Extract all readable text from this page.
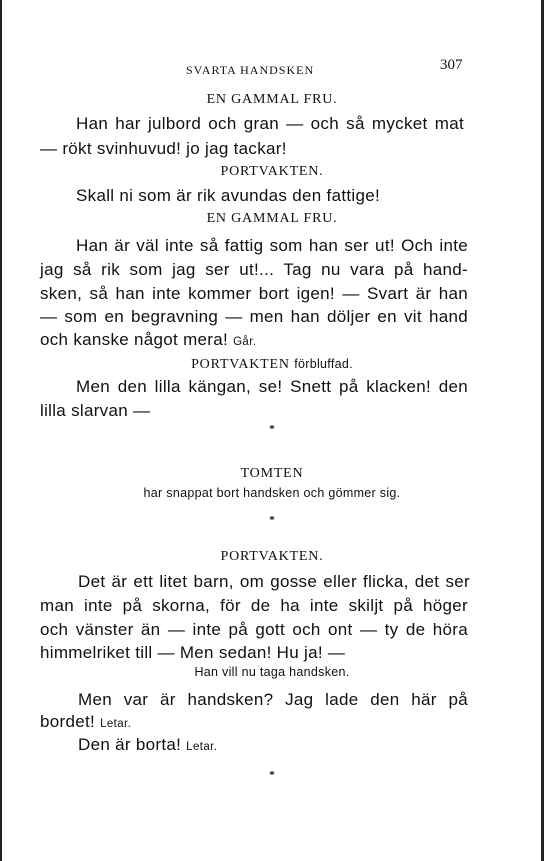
SVARTA HANDSKEN	307
EN GAMMAL FRU.
Han har julbord och gran — och så mycket mat
— rökt svinhuvud! jo jag tackar!
PORTVAKTEN.
Skall ni som är rik avundas den fattige!
EN GAMMAL FRU.
Han är väl inte så fattig som han ser ut! Och inte
jag så rik som jag ser ut!... Tag nu vara på hand-
sken, så han inte kommer bort igen! — Svart är han
— som en begravning — men han döljer en vit hand
och kanske något mera! Går.
PORTVAKTEN förbluffad.
Men den lilla kängan, se! Snett på klacken! den
lilla slarvan —
*
TOMTEN
har snappat bort handsken och gömmer sig.
*
PORTVAKTEN.
Det är ett litet barn, om gosse eller flicka, det ser
man inte på skorna, för de ha inte skiljt på höger
och vänster än — inte på gott och ont — ty de höra
himmelriket till — Men sedan! Hu ja! —
Han vill nu taga handsken.
Men var är handsken? Jag lade den här på
bordet! Letar.
Den är borta! Letar.
*
